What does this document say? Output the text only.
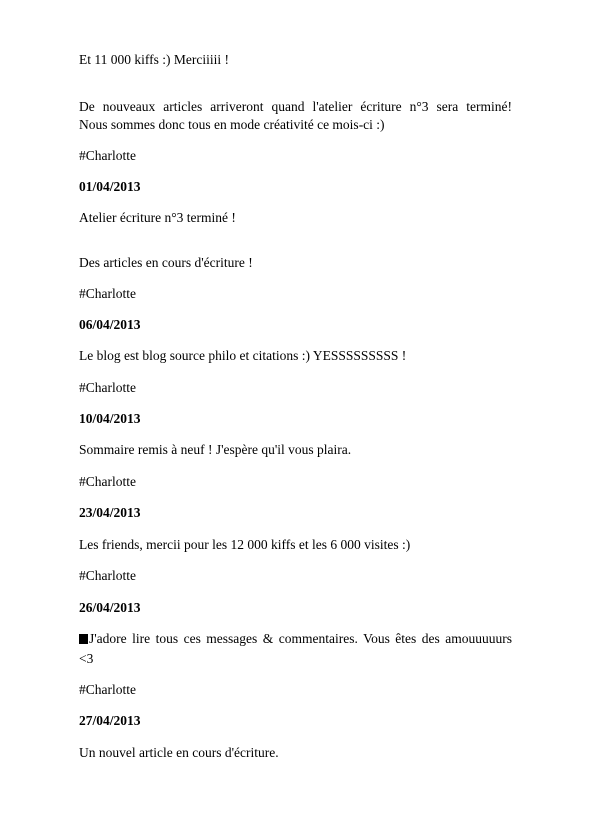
Et 11 000 kiffs :) Merciiiii !

De nouveaux articles arriveront quand l'atelier écriture n°3 sera terminé!

Nous sommes donc tous en mode créativité ce mois-ci :)

#Charlotte

01/04/2013

Atelier écriture n°3 terminé !

Des articles en cours d'écriture !

#Charlotte

06/04/2013

Le blog est blog source philo et citations :) YESSSSSSSSS !

#Charlotte

10/04/2013

Sommaire remis à neuf ! J'espère qu'il vous plaira.

#Charlotte

23/04/2013

Les friends, mercii pour les 12 000 kiffs et les 6 000 visites :)

#Charlotte

26/04/2013

J'adore lire tous ces messages & commentaires. Vous êtes des amouuuuurs

<3

#Charlotte

27/04/2013

Un nouvel article en cours d'écriture.
